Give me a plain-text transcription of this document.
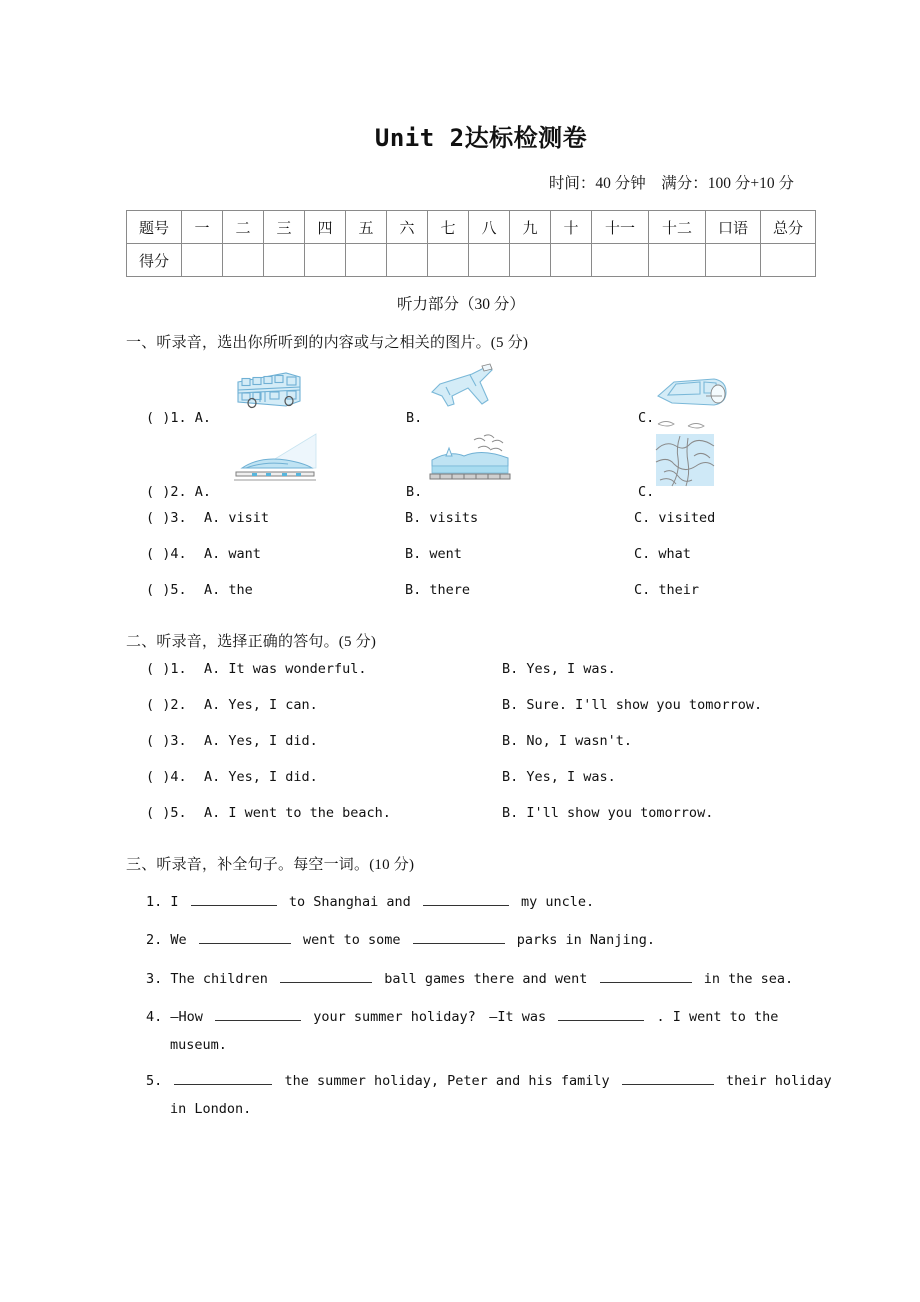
Unit 2达标检测卷
时间：40 分钟　满分：100 分+10 分
题号	一	二	三	四	五	六	七	八	九	十	十一	十二	口语	总分
得分														
听力部分（30 分）
一、听录音，选出你所听到的内容或与之相关的图片。(5 分)
( )1. A.	B.	C.
( )2. A.	B.	C.
( )3. A. visit	B. visits	C. visited
( )4. A. want	B. went	C. what
( )5. A. the	B. there	C. their
二、听录音，选择正确的答句。(5 分)
( )1. A. It was wonderful.	B. Yes, I was.
( )2. A. Yes, I can.	B. Sure. I'll show you tomorrow.
( )3. A. Yes, I did.	B. No, I wasn't.
( )4. A. Yes, I did.	B. Yes, I was.
( )5. A. I went to the beach.	B. I'll show you tomorrow.
三、听录音，补全句子。每空一词。(10 分)
1. I	to Shanghai and	my uncle.
2. We	went to some	parks in Nanjing.
3. The children	ball games there and went	in the sea.
4. —How	your summer holiday?　—It was	. I went to the
museum.
5.	the summer holiday, Peter and his family	their holiday
in London.
